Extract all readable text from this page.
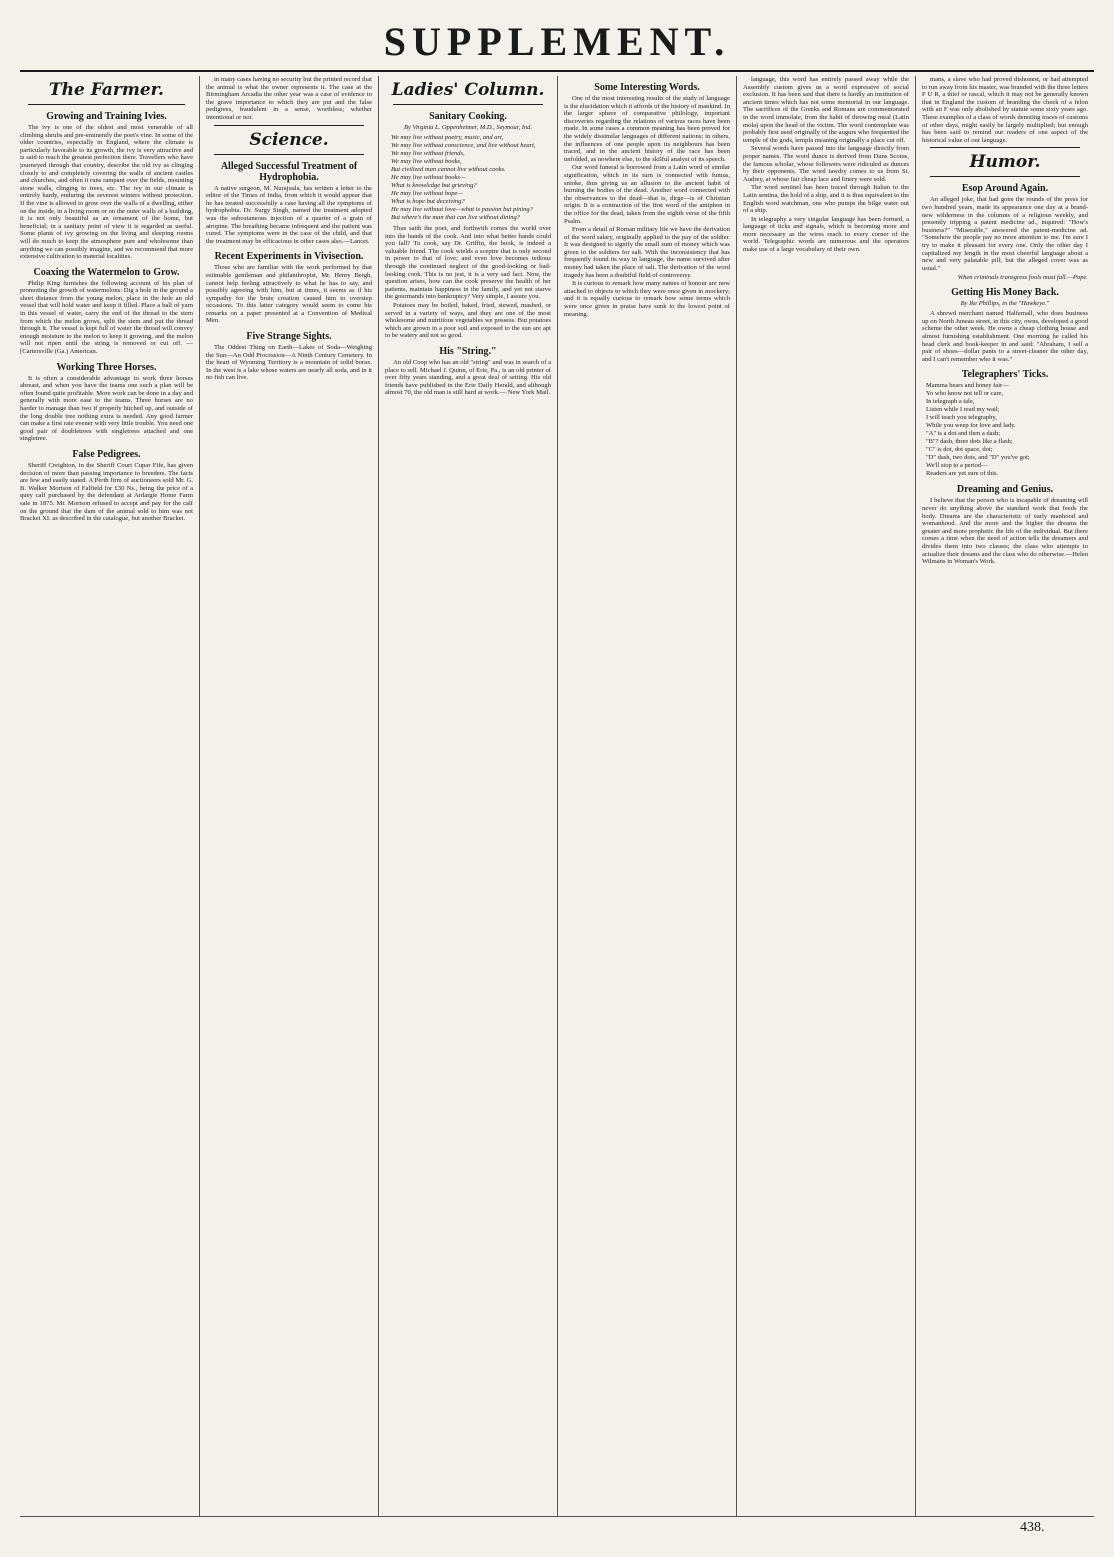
SUPPLEMENT.
The Farmer.
Growing and Training Ivies.

The ivy is one of the oldest and most venerable of all climbing shrubs and pre-eminently the poet's vine. In some of the older countries, especially in England, where the climate is particularly favorable to its growth, the ivy is very attractive and is said to reach the greatest perfection there. Travellers who have journeyed through that country, describe the old ivy as clinging closely to and completely covering the walls of ancient castles and churches, and often it runs rampant over the fields, mounting stone walls, clinging to trees, etc. The ivy in our climate is entirely hardy, enduring the severest winters without protection. If the vine is allowed to grow over the walls of a dwelling, either on the inside, in a living room or on the outer walls of a building, it is not only beautiful as an ornament of the home, but beneficial; in a sanitary point of view it is regarded as useful. Some plants of ivy growing on the living and sleeping rooms will do much to keep the atmosphere pure and wholesome than anything we can possibly imagine, and we recommend that more extensive cultivation to material localities.

Coaxing the Watermelon to Grow.

Philip King furnishes the following account of his plan of promoting the growth of watermelons: Dig a hole in the ground a short distance from the young melon, place in the hole an old vessel that will hold water and keep it filled. Place a ball of yarn in this vessel of water, carry the end of the thread to the stem from which the melon grows, split the stem and put the thread through it. The vessel is kept full of water the thread will convey enough moisture to the melon to keep it growing, and the melon will not ripen until the string is removed or cut off. —[Cartersville (Ga.) American.

Working Three Horses.

It is often a considerable advantage to work three horses abreast, and when you have the teams one such a plan will be often found quite profitable. More work can be done in a day and generally with more ease to the teams. Three horses are no harder to manage than two if properly hitched up, and outside of the long double tree nothing extra is needed. Any good farmer can make a first rate evener with very little trouble. You need one good pair of doubletrees with singletrees attached and one singletree.

False Pedigrees.

Sheriff Creighton, in the Sheriff Court Cupar Fife, has given decision of more than passing importance to breeders. The facts are few and easily stated. A Perth firm of auctioneers sold Mr. G. B. Walker Morison of Falfield for £30 Ns., being the price of a quey calf purchased by the defendant at Ardargie Home Farm sale in 1875. Mr. Morison refused to accept and pay for the calf on the ground that the dam of the animal sold to him was not Bracket XI. as described in the catalogue, but another Bracket.

in many cases having no security but the printed record that the animal is what the owner represents it. The case at the Birmingham Arcadia the other year was a case of evidence to the grave importance to which they are put and the false pedigrees, fraudulent in a sense, worthless; whether intentional or not.

Science.
Alleged Successful Treatment of Hydrophobia.

A native surgeon, M. Nurajuala, has written a letter to the editor of the Times of India, from which it would appear that he has treated successfully a case having all the symptoms of hydrophobia. Dr. Surgy Singh, named the treatment adopted was the subcutaneous injection of a quarter of a grain of atropine. The breathing became infrequent and the patient was cured. The symptoms were in the case of the child, and that the treatment may be efficacious in other cases also.—Lancet.

Recent Experiments in Vivisection.

Those who are familiar with the work performed by that estimable gentleman and philanthropist, Mr. Henry Bergh, cannot help feeling attractively to what he has to say, and possibly agreeing with him, but at times, it seems as if his sympathy for the brute creation caused him to overstep occasions. To this latter category would seem to come his remarks on a paper presented at a Convention of Medical Men.

Five Strange Sights.

The Oddest Thing on Earth—Lakes of Soda—Weighing the Sun—An Odd Procession—A Ninth Century Cemetery. In the heart of Wyoming Territory is a mountain of solid borax. In the west is a lake whose waters are nearly all soda, and in it no fish can live.

Ladies' Column.
Sanitary Cooking.
By Virginia L. Oppenheimer, M.D., Seymour, Ind.
We may live without poetry, music, and art,
We may live without conscience, and live without heart,
We may live without friends,
We may live without books,
But civilized man cannot live without cooks.
He may live without books—
What is knowledge but grieving?
He may live without hope—
What is hope but deceiving?
He may live without love—what is passion but pining?
But where's the man that can live without dining?

Thus saith the poet, and forthwith comes the world over into the hands of the cook. And into what better hands could you fall? To cook, say Dr. Griffin, the book, is indeed a valuable friend. The cook wields a sceptre that is only second in power to that of love; and even love becomes tedious through the continued neglect of the good-looking or bad-looking cook. This is no jest, it is a very sad fact. Now, the question arises, how can the cook preserve the health of her patients, maintain happiness in the family, and yet not starve the gourmands into bankruptcy? Very simple, I assure you.

Potatoes may be boiled, baked, fried, stewed, mashed, or served in a variety of ways, and they are one of the most wholesome and nutritious vegetables we possess. But potatoes which are grown in a poor soil and exposed to the sun are apt to be watery and not so good.

His "String."

An old Coop who has an old "string" and was in search of a place to sell. Michael J. Quinn, of Erie, Pa., is an old printer of over fifty years standing, and a great deal of setting. His old friends have published in the Erie Daily Herald, and although almost 70, the old man is still hard at work.— New York Mail.

Some Interesting Words.

One of the most interesting results of the study of language is the elucidation which it affords of the history of mankind. In the larger sphere of comparative philology, important discoveries regarding the relations of various races have been made. In some cases a common meaning has been proved for the widely dissimilar languages of different nations; in others, the influences of one people upon its neighbours has been traced, and in the ancient history of the race has been unfolded, as nowhere else, to the skilful analyst of its speech.

Our word funeral is borrowed from a Latin word of similar signification, which in its turn is connected with fumus, smoke, thus giving us an allusion to the ancient habit of burning the bodies of the dead. Another word connected with the observances to the dead—that is, dirge—is of Christian origin. It is a contraction of the first word of the antiphon in the office for the dead, taken from the eighth verse of the fifth Psalm.

From a detail of Roman military life we have the derivation of the word salary, originally applied to the pay of the soldier. It was designed to signify the small sum of money which was given to the soldiers for salt. With the inconsistency that has frequently found its way in language, the name survived after money had taken the place of salt. The derivation of the word tragedy has been a doubtful field of controversy.

It is curious to remark how many names of honour are now attached to objects to which they were once given in mockery; and it is equally curious to remark how some terms which were once given in praise have sunk to the lowest point of meaning.

language, this word has entirely passed away while the Assembly custom gives us a word expressive of social exclusion. It has been said that there is hardly an institution of ancient times which has not some memorial in our language. The sacrifices of the Greeks and Romans are commemorated in the word immolate, from the habit of throwing meal (Latin mola) upon the head of the victim. The word contemplate was probably first used originally of the augurs who frequented the temple of the gods, templa meaning originally a place cut off.

Several words have passed into the language directly from proper names. The word dunce is derived from Duns Scotus, the famous scholar, whose followers were ridiculed as dunces by their opponents. The word tawdry comes to us from St. Audrey, at whose fair cheap lace and finery were sold.

The word sentinel has been traced through Italian to the Latin sentina, the hold of a ship, and it is thus equivalent to the English word watchman, one who pumps the bilge water out of a ship.

In telegraphy a very singular language has been formed, a language of ticks and signals, which is becoming more and more necessary as the wires reach to every corner of the world. Telegraphic words are numerous and the operators make use of a large vocabulary of their own.

mans, a slave who had proved dishonest, or had attempted to run away from his master, was branded with the three letters F U R, a thief or rascal, which it may not be generally known that in England the custom of branding the cheek of a felon with an F was only abolished by statute some sixty years ago. These examples of a class of words denoting traces of customs of other days, might easily be largely multiplied; but enough has been said to remind our readers of one aspect of the historical value of our language.

Humor.
Esop Around Again.

An alleged joke, that had gone the rounds of the press for two hundred years, made its appearance one day at a brand-new wilderness in the columns of a religious weekly, and presently tripping a patent medicine ad., inquired: "How's business?" "Miserable," answered the patent-medicine ad. "Somehow the people pay no more attention to me. I'm sure I try to make it pleasant for every one. Only the other day I capitalized my length in the most cheerful language about a new and very palatable pill; but the alleged cover was as usual."

When criminals transgress fools must fall.—Pope.
Getting His Money Back.
By Ike Phillips, in the "Hawkeye."

A shrewd merchant named Halfemall, who does business up on North Juneau street, in this city, owns, developed a good scheme the other week. He owns a cheap clothing house and almost furnishing establishment. One morning he called his head clerk and book-keeper in and said: "Abraham, I sell a pair of shoes—dollar pants to a street-cleaner the other day, and I can't remember who it was."

Telegraphers' Ticks.
Mamma bears and honey fair—
Yo who know not tell or care,
In telegraph a tale,
Listen while I read my wail;
I will teach you telegraphy,
While you weep for love and lady.
"A" is a dot and then a dash;
"B"? dash, three dots like a flash;
"C" is dot, dot space, dot;
"D" dash, two dots, and "D" you've got;
We'll stop to a period—
Readers are yet sure of this.
Dreaming and Genius.

I believe that the person who is incapable of dreaming will never do anything above the standard work that feeds the body. Dreams are the characteristic of early manhood and womanhood. And the more and the higher the dreams the greater and more prophetic the life of the individual. But there comes a time when the need of action tells the dreamers and divides them into two classes; the class who attempts to actualize their dreams and the class who do otherwise.—Helen Wilmans in Woman's Work.

438.
